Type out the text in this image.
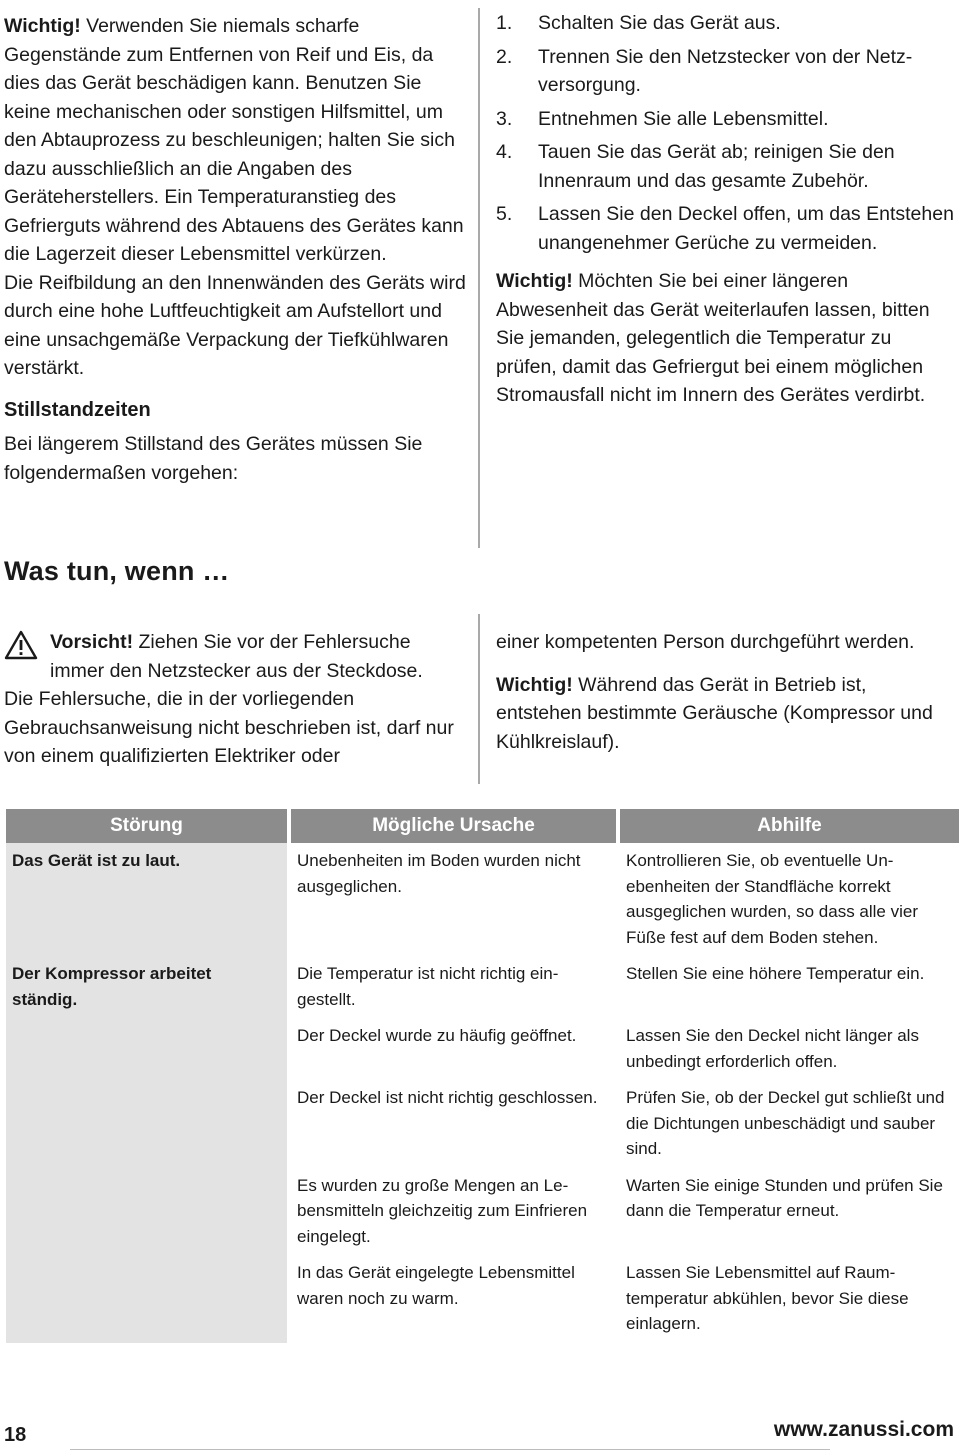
Wichtig! Verwenden Sie niemals scharfe Gegenstände zum Entfernen von Reif und Eis, da dies das Gerät beschädigen kann. Benutzen Sie keine mechanischen oder sonstigen Hilfsmittel, um den Abtauprozess zu beschleunigen; halten Sie sich dazu ausschließlich an die Angaben des Geräteherstellers. Ein Temperaturanstieg des Gefrierguts während des Abtauens des Gerätes kann die Lagerzeit dieser Lebensmittel verkürzen.

Die Reifbildung an den Innenwänden des Geräts wird durch eine hohe Luftfeuchtigkeit am Aufstellort und eine unsachgemäße Verpackung der Tiefkühlwaren verstärkt.

Stillstandzeiten

Bei längerem Stillstand des Gerätes müssen Sie folgendermaßen vorgehen:

1. Schalten Sie das Gerät aus.
2. Trennen Sie den Netzstecker von der Netzversorgung.
3. Entnehmen Sie alle Lebensmittel.
4. Tauen Sie das Gerät ab; reinigen Sie den Innenraum und das gesamte Zubehör.
5. Lassen Sie den Deckel offen, um das Entstehen unangenehmer Gerüche zu vermeiden.

Wichtig! Möchten Sie bei einer längeren Abwesenheit das Gerät weiterlaufen lassen, bitten Sie jemanden, gelegentlich die Temperatur zu prüfen, damit das Gefriergut bei einem möglichen Stromausfall nicht im Innern des Gerätes verdirbt.

Was tun, wenn …

Vorsicht! Ziehen Sie vor der Fehlersuche immer den Netzstecker aus der Steckdose.

Die Fehlersuche, die in der vorliegenden Gebrauchsanweisung nicht beschrieben ist, darf nur von einem qualifizierten Elektriker oder

einer kompetenten Person durchgeführt werden.

Wichtig! Während das Gerät in Betrieb ist, entstehen bestimmte Geräusche (Kompressor und Kühlkreislauf).

Störung	Mögliche Ursache	Abhilfe
Das Gerät ist zu laut.	Unebenheiten im Boden wurden nicht ausgeglichen.	Kontrollieren Sie, ob eventuelle Unebenheiten der Standfläche korrekt ausgeglichen wurden, so dass alle vier Füße fest auf dem Boden stehen.
Der Kompressor arbeitet ständig.	Die Temperatur ist nicht richtig eingestellt.	Stellen Sie eine höhere Temperatur ein.
	Der Deckel wurde zu häufig geöffnet.	Lassen Sie den Deckel nicht länger als unbedingt erforderlich offen.
	Der Deckel ist nicht richtig geschlossen.	Prüfen Sie, ob der Deckel gut schließt und die Dichtungen unbeschädigt und sauber sind.
	Es wurden zu große Mengen an Lebensmitteln gleichzeitig zum Einfrieren eingelegt.	Warten Sie einige Stunden und prüfen Sie dann die Temperatur erneut.
	In das Gerät eingelegte Lebensmittel waren noch zu warm.	Lassen Sie Lebensmittel auf Raumtemperatur abkühlen, bevor Sie diese einlagern.
18	www.zanussi.com
